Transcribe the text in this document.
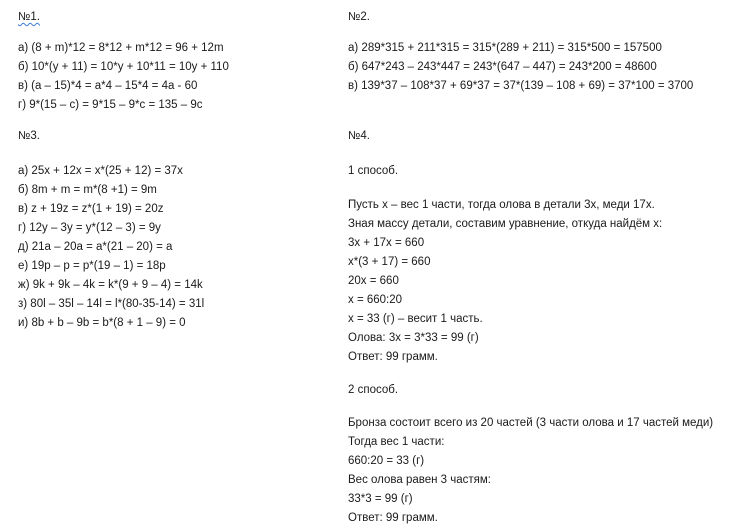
№1.
а) (8 + m)*12 = 8*12 + m*12 = 96 + 12m
б) 10*(y + 11) = 10*y + 10*11 = 10y + 110
в) (a – 15)*4 = a*4 – 15*4 = 4a - 60
г) 9*(15 – c) = 9*15 – 9*c = 135 – 9c
№3.
а) 25x + 12x = x*(25 + 12) = 37x
б) 8m + m = m*(8 +1) = 9m
в) z + 19z = z*(1 + 19) = 20z
г) 12y – 3y = y*(12 – 3) = 9y
д) 21a – 20a = a*(21 – 20) = a
е) 19p – p = p*(19 – 1) = 18p
ж) 9k + 9k – 4k = k*(9 + 9 – 4) = 14k
з) 80l – 35l – 14l = l*(80-35-14) = 31l
и) 8b + b – 9b = b*(8 + 1 – 9) = 0
№2.
а) 289*315 + 211*315 = 315*(289 + 211) = 315*500 = 157500
б) 647*243 – 243*447 = 243*(647 – 447) = 243*200 = 48600
в) 139*37 – 108*37 + 69*37 = 37*(139 – 108 + 69) = 37*100 = 3700
№4.
1 способ.
Пусть x – вес 1 части, тогда олова в детали 3x, меди 17x.
Зная массу детали, составим уравнение, откуда найдём x:
3x + 17x = 660
x*(3 + 17) = 660
20x = 660
x = 660:20
x = 33 (г) – весит 1 часть.
Олова: 3x = 3*33 = 99 (г)
Ответ: 99 грамм.
2 способ.
Бронза состоит всего из 20 частей (3 части олова и 17 частей меди)
Тогда вес 1 части:
660:20 = 33 (г)
Вес олова равен 3 частям:
33*3 = 99 (г)
Ответ: 99 грамм.
